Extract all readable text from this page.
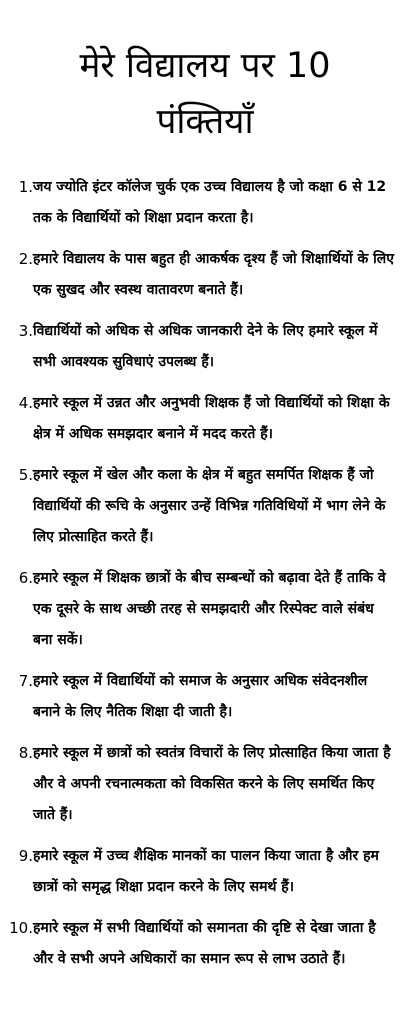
मेरे विद्यालय पर 10
पंक्तियाँ
1. जय ज्योति इंटर कॉलेज चुर्क एक उच्च विद्यालय है जो कक्षा 6 से 12 तक के विद्यार्थियों को शिक्षा प्रदान करता है।
2. हमारे विद्यालय के पास बहुत ही आकर्षक दृश्य हैं जो शिक्षार्थियों के लिए एक सुखद और स्वस्थ वातावरण बनाते हैं।
3. विद्यार्थियों को अधिक से अधिक जानकारी देने के लिए हमारे स्कूल में सभी आवश्यक सुविधाएं उपलब्ध हैं।
4. हमारे स्कूल में उन्नत और अनुभवी शिक्षक हैं जो विद्यार्थियों को शिक्षा के क्षेत्र में अधिक समझदार बनाने में मदद करते हैं।
5. हमारे स्कूल में खेल और कला के क्षेत्र में बहुत समर्पित शिक्षक हैं जो विद्यार्थियों की रूचि के अनुसार उन्हें विभिन्न गतिविधियों में भाग लेने के लिए प्रोत्साहित करते हैं।
6. हमारे स्कूल में शिक्षक छात्रों के बीच सम्बन्धों को बढ़ावा देते हैं ताकि वे एक दूसरे के साथ अच्छी तरह से समझदारी और रिस्पेक्ट वाले संबंध बना सकें।
7. हमारे स्कूल में विद्यार्थियों को समाज के अनुसार अधिक संवेदनशील बनाने के लिए नैतिक शिक्षा दी जाती है।
8. हमारे स्कूल में छात्रों को स्वतंत्र विचारों के लिए प्रोत्साहित किया जाता है और वे अपनी रचनात्मकता को विकसित करने के लिए समर्थित किए जाते हैं।
9. हमारे स्कूल में उच्च शैक्षिक मानकों का पालन किया जाता है और हम छात्रों को समृद्ध शिक्षा प्रदान करने के लिए समर्थ हैं।
10. हमारे स्कूल में सभी विद्यार्थियों को समानता की दृष्टि से देखा जाता है और वे सभी अपने अधिकारों का समान रूप से लाभ उठाते हैं।
